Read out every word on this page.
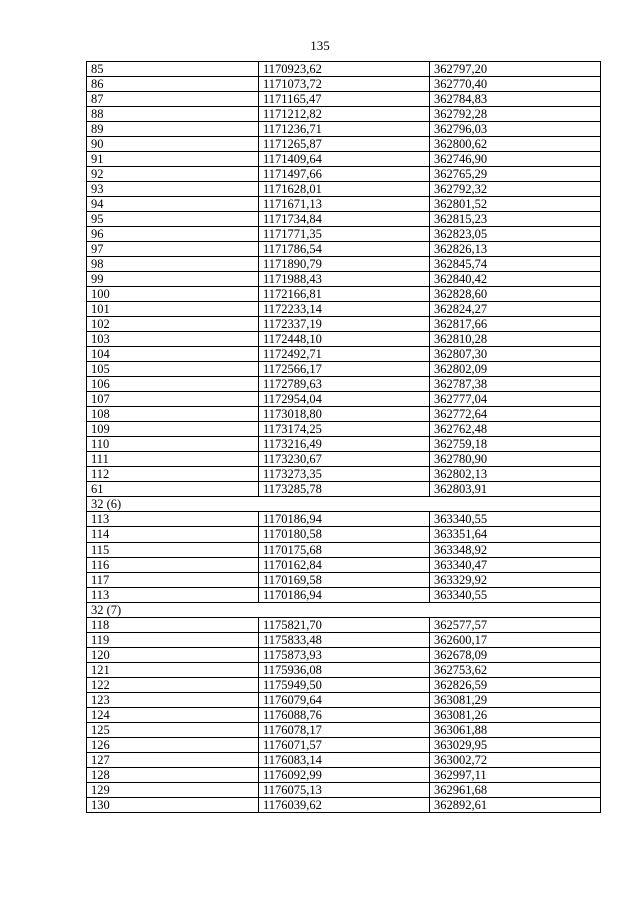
135
85	1170923,62	362797,20
86	1171073,72	362770,40
87	1171165,47	362784,83
88	1171212,82	362792,28
89	1171236,71	362796,03
90	1171265,87	362800,62
91	1171409,64	362746,90
92	1171497,66	362765,29
93	1171628,01	362792,32
94	1171671,13	362801,52
95	1171734,84	362815,23
96	1171771,35	362823,05
97	1171786,54	362826,13
98	1171890,79	362845,74
99	1171988,43	362840,42
100	1172166,81	362828,60
101	1172233,14	362824,27
102	1172337,19	362817,66
103	1172448,10	362810,28
104	1172492,71	362807,30
105	1172566,17	362802,09
106	1172789,63	362787,38
107	1172954,04	362777,04
108	1173018,80	362772,64
109	1173174,25	362762,48
110	1173216,49	362759,18
111	1173230,67	362780,90
112	1173273,35	362802,13
61	1173285,78	362803,91
32 (6)		
113	1170186,94	363340,55
114	1170180,58	363351,64
115	1170175,68	363348,92
116	1170162,84	363340,47
117	1170169,58	363329,92
113	1170186,94	363340,55
32 (7)		
118	1175821,70	362577,57
119	1175833,48	362600,17
120	1175873,93	362678,09
121	1175936,08	362753,62
122	1175949,50	362826,59
123	1176079,64	363081,29
124	1176088,76	363081,26
125	1176078,17	363061,88
126	1176071,57	363029,95
127	1176083,14	363002,72
128	1176092,99	362997,11
129	1176075,13	362961,68
130	1176039,62	362892,61
